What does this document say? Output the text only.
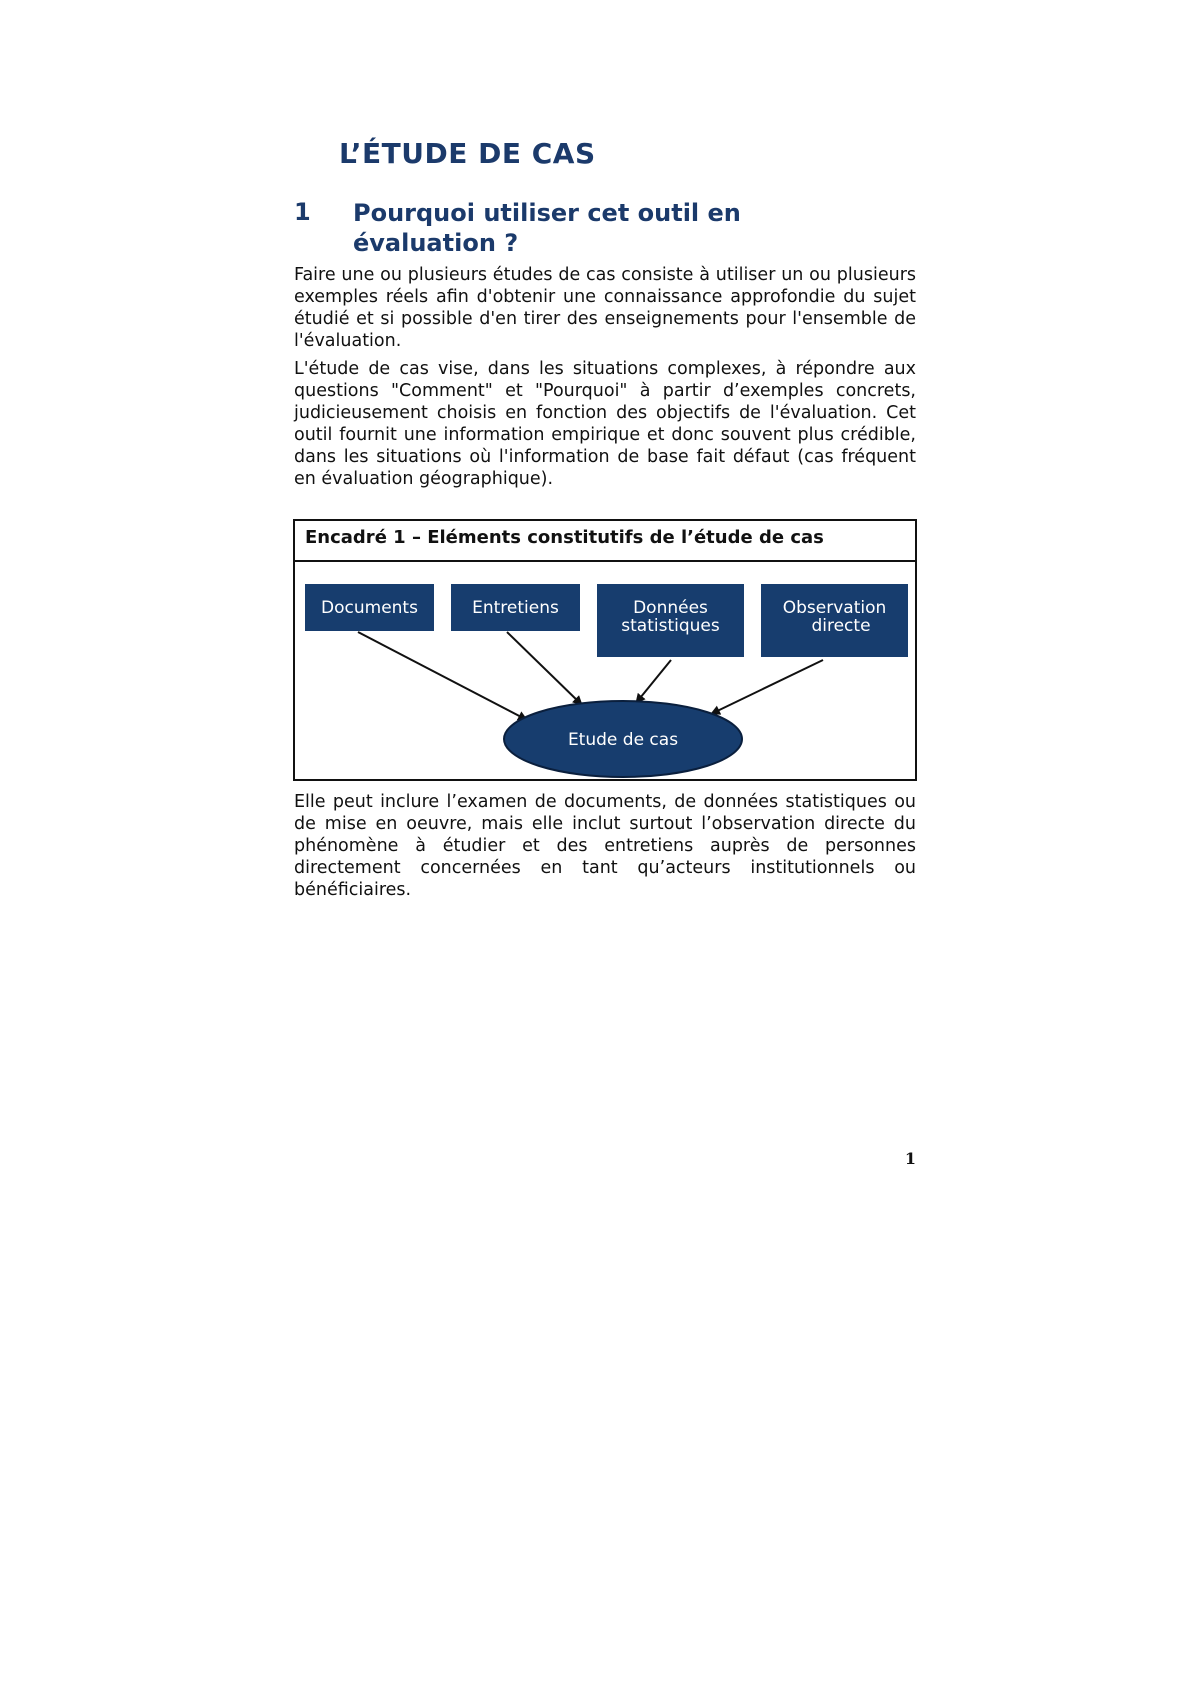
L’ÉTUDE DE CAS
1 Pourquoi utiliser cet outil en évaluation ?

Faire une ou plusieurs études de cas consiste à utiliser un ou plusieurs exemples réels afin d'obtenir une connaissance approfondie du sujet étudié et si possible d'en tirer des enseignements pour l'ensemble de l'évaluation.

L'étude de cas vise, dans les situations complexes, à répondre aux questions "Comment" et "Pourquoi" à partir d’exemples concrets, judicieusement choisis en fonction des objectifs de l'évaluation. Cet outil fournit une information empirique et donc souvent plus crédible, dans les situations où l'information de base fait défaut (cas fréquent en évaluation géographique).

Encadré 1 – Eléments constitutifs de l’étude de cas
Documents	Entretiens	Données
statistiques
Observation
directe
Etude de cas

Elle peut inclure l’examen de documents, de données statistiques ou de mise en oeuvre, mais elle inclut surtout l’observation directe du phénomène à étudier et des entretiens auprès de personnes directement concernées en tant qu’acteurs institutionnels ou bénéficiaires.

1
